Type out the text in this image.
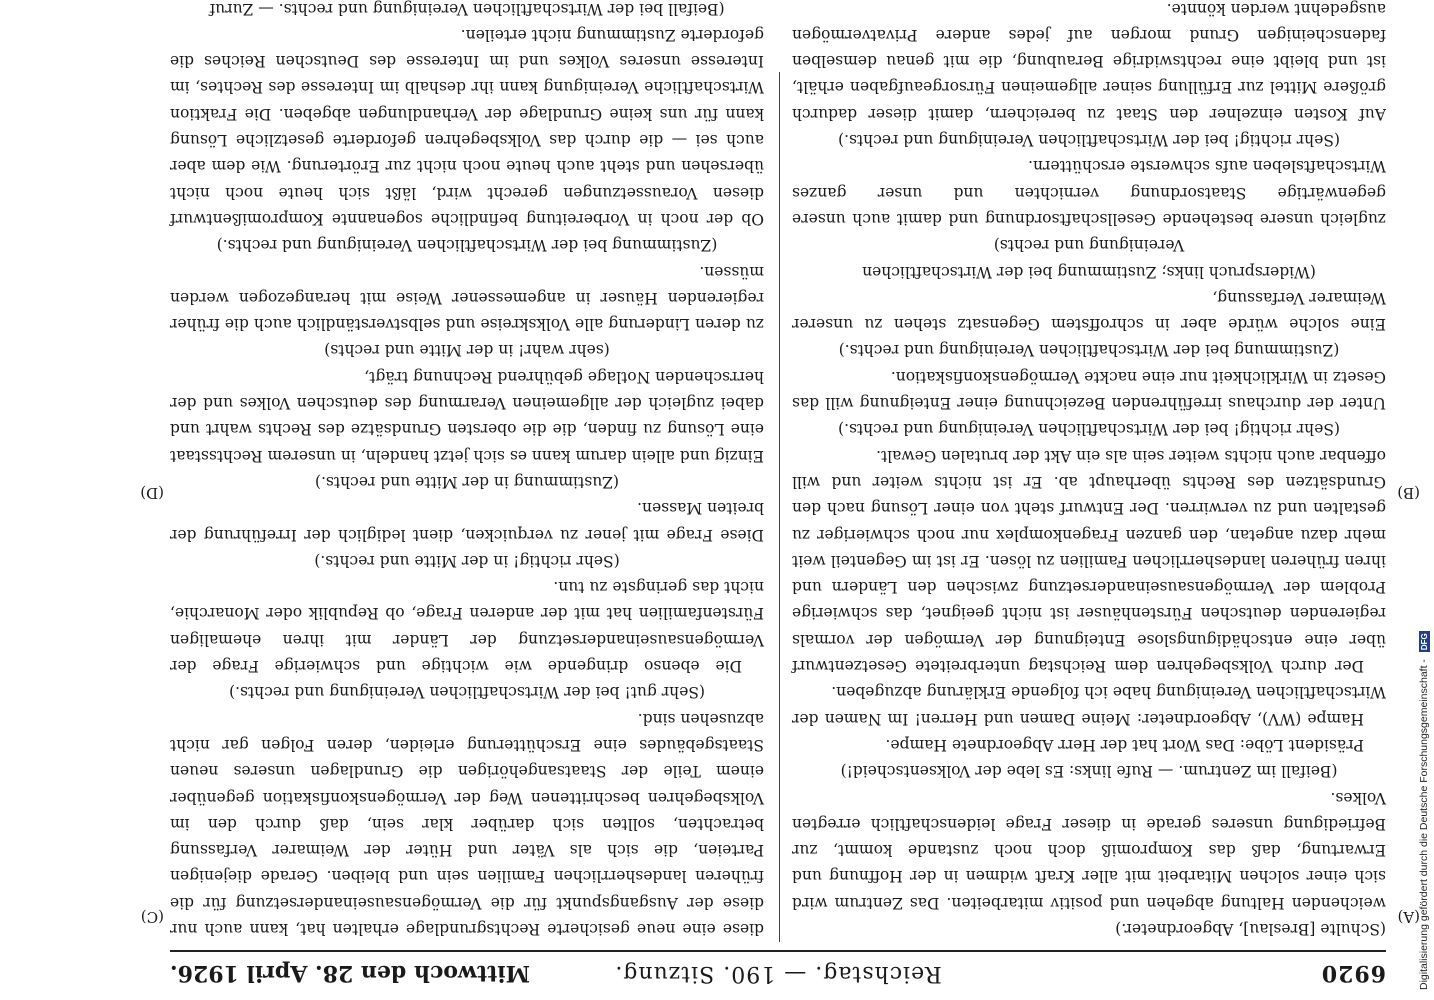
6920
Reichstag. — 190. Sitzung.
Mittwoch den 28. April 1926.

(Schulte [Breslau], Abgeordneter.)

weichenden Haltung abgehen und positiv mitarbeiten. Das Zentrum wird sich einer solchen Mitarbeit mit aller Kraft widmen in der Hoffnung und Erwartung, daß das Kompromiß doch noch zustande kommt, zur Befriedigung unseres gerade in dieser Frage leidenschaftlich erregten Volkes.

(Beifall im Zentrum. — Rufe links: Es lebe der Volksentscheid!)

Präsident Löbe: Das Wort hat der Herr Abgeordnete Hampe.

Hampe (WV), Abgeordneter: Meine Damen und Herren! Im Namen der Wirtschaftlichen Vereinigung habe ich folgende Erklärung abzugeben.

Der durch Volksbegehren dem Reichstag unterbreitete Gesetzentwurf über eine entschädigungslose Enteignung der Vermögen der vormals regierenden deutschen Fürstenhäuser ist nicht geeignet, das schwierige Problem der Vermögensauseinandersetzung zwischen den Ländern und ihren früheren landesherrlichen Familien zu lösen. Er ist im Gegenteil weit mehr dazu angetan, den ganzen Fragenkomplex nur noch schwieriger zu gestalten und zu verwirren. Der Entwurf steht von einer Lösung nach den Grundsätzen des Rechts überhaupt ab. Er ist nichts weiter und will offenbar auch nichts weiter sein als ein Akt der brutalen Gewalt.

(Sehr richtig! bei der Wirtschaftlichen Vereinigung und rechts.)

Unter der durchaus irreführenden Bezeichnung einer Enteignung will das Gesetz in Wirklichkeit nur eine nackte Vermögenskonfiskation.

(Zustimmung bei der Wirtschaftlichen Vereinigung und rechts.)

Eine solche würde aber in schroffstem Gegensatz stehen zu unserer Weimarer Verfassung,

(Widerspruch links; Zustimmung bei der Wirtschaftlichen Vereinigung und rechts)

zugleich unsere bestehende Gesellschaftsordnung und damit auch unsere gegenwärtige Staatsordnung vernichten und unser ganzes Wirtschaftsleben aufs schwerste erschüttern.

(Sehr richtig! bei der Wirtschaftlichen Vereinigung und rechts.)

Auf Kosten einzelner den Staat zu bereichern, damit dieser dadurch größere Mittel zur Erfüllung seiner allgemeinen Fürsorgeaufgaben erhält, ist und bleibt eine rechtswidrige Beraubung, die mit genau demselben fadenscheinigen Grund morgen auf jedes andere Privatvermögen ausgedehnt werden könnte.

diese eine neue gesicherte Rechtsgrundlage erhalten hat, kann auch nur diese der Ausgangspunkt für die Vermögensauseinandersetzung für die früheren landesherrlichen Familien sein und bleiben. Gerade diejenigen Parteien, die sich als Väter und Hüter der Weimarer Verfassung betrachten, sollten sich darüber klar sein, daß durch den im Volksbegehren beschrittenen Weg der Vermögenskonfiskation gegenüber einem Teile der Staatsangehörigen die Grundlagen unseres neuen Staatsgebäudes eine Erschütterung erleiden, deren Folgen gar nicht abzusehen sind.

(Sehr gut! bei der Wirtschaftlichen Vereinigung und rechts.)

Die ebenso dringende wie wichtige und schwierige Frage der Vermögensauseinandersetzung der Länder mit ihren ehemaligen Fürstenfamilien hat mit der anderen Frage, ob Republik oder Monarchie, nicht das geringste zu tun.

(Sehr richtig! in der Mitte und rechts.)

Diese Frage mit jener zu verquicken, dient lediglich der Irreführung der breiten Massen.

(Zustimmung in der Mitte und rechts.)

Einzig und allein darum kann es sich jetzt handeln, in unserem Rechtsstaat eine Lösung zu finden, die die obersten Grundsätze des Rechts wahrt und dabei zugleich der allgemeinen Verarmung des deutschen Volkes und der herrschenden Notlage gebührend Rechnung trägt,

(sehr wahr! in der Mitte und rechts)

zu deren Linderung alle Volkskreise und selbstverständlich auch die früher regierenden Häuser in angemessener Weise mit herangezogen werden müssen.

(Zustimmung bei der Wirtschaftlichen Vereinigung und rechts.)

Ob der noch in Vorbereitung befindliche sogenannte Kompromißentwurf diesen Voraussetzungen gerecht wird, läßt sich heute noch nicht übersehen und steht auch heute noch nicht zur Erörterung. Wie dem aber auch sei — die durch das Volksbegehren geforderte gesetzliche Lösung kann für uns keine Grundlage der Verhandlungen abgeben. Die Fraktion Wirtschaftliche Vereinigung kann ihr deshalb im Interesse des Rechtes, im Interesse unseres Volkes und im Interesse des Deutschen Reiches die geforderte Zustimmung nicht erteilen.

(Beifall bei der Wirtschaftlichen Vereinigung und rechts. — Zuruf

(A)
(B)
(C)
(D)
Digitalisierung gefördert durch die Deutsche Forschungsgemeinschaft - DFG
